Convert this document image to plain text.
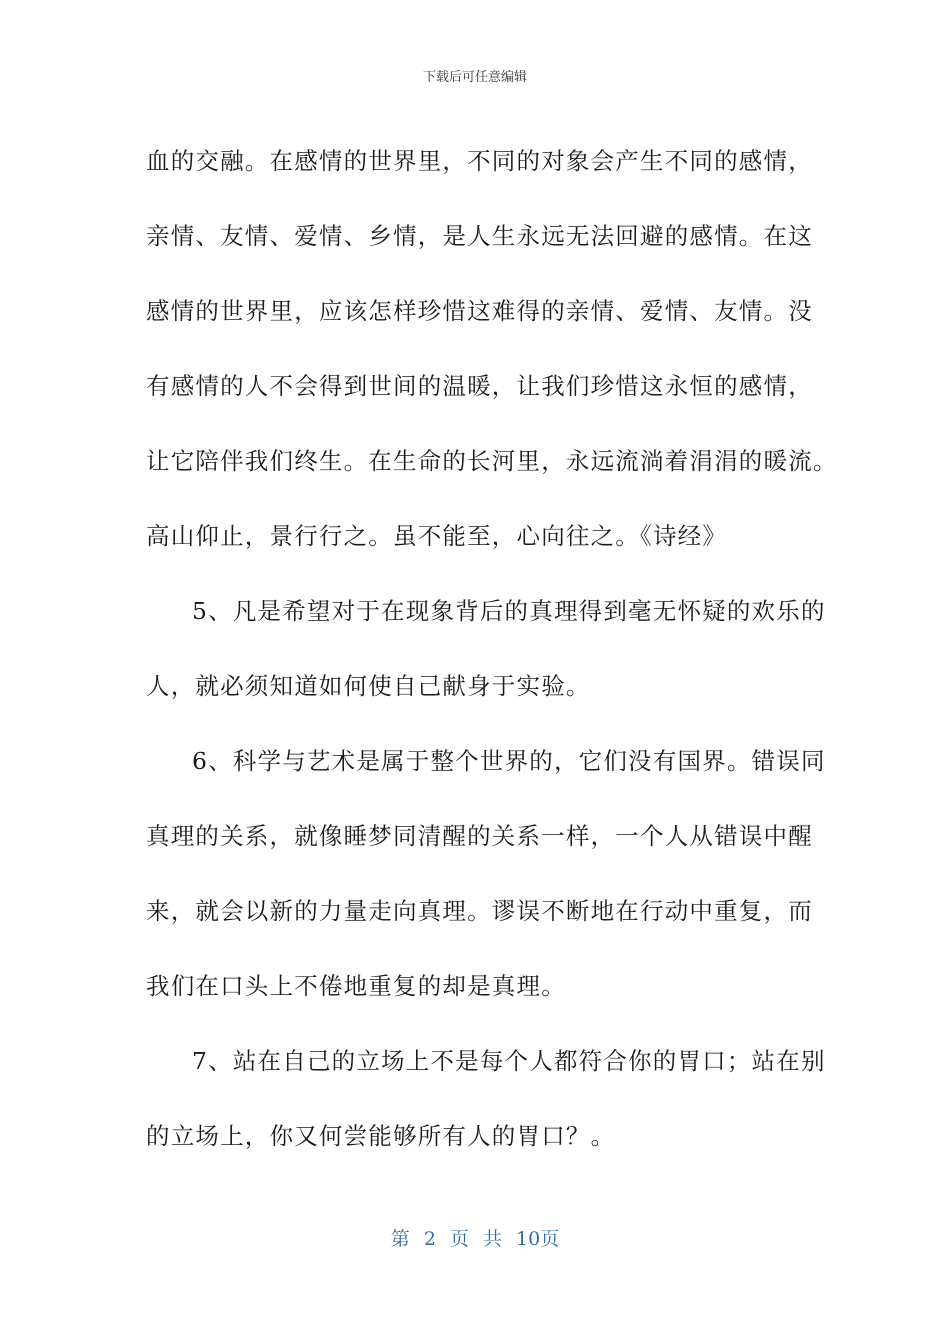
下载后可任意编辑
血的交融。在感情的世界里，不同的对象会产生不同的感情，
亲情、友情、爱情、乡情，是人生永远无法回避的感情。在这
感情的世界里，应该怎样珍惜这难得的亲情、爱情、友情。没
有感情的人不会得到世间的温暖，让我们珍惜这永恒的感情，
让它陪伴我们终生。在生命的长河里，永远流淌着涓涓的暖流。
高山仰止，景行行之。虽不能至，心向往之。《诗经》
5、凡是希望对于在现象背后的真理得到毫无怀疑的欢乐的
人，就必须知道如何使自己献身于实验。
6、科学与艺术是属于整个世界的，它们没有国界。错误同
真理的关系，就像睡梦同清醒的关系一样，一个人从错误中醒
来，就会以新的力量走向真理。谬误不断地在行动中重复，而
我们在口头上不倦地重复的却是真理。
7、站在自己的立场上不是每个人都符合你的胃口；站在别
的立场上，你又何尝能够所有人的胃口？。
第 2 页 共 10页
